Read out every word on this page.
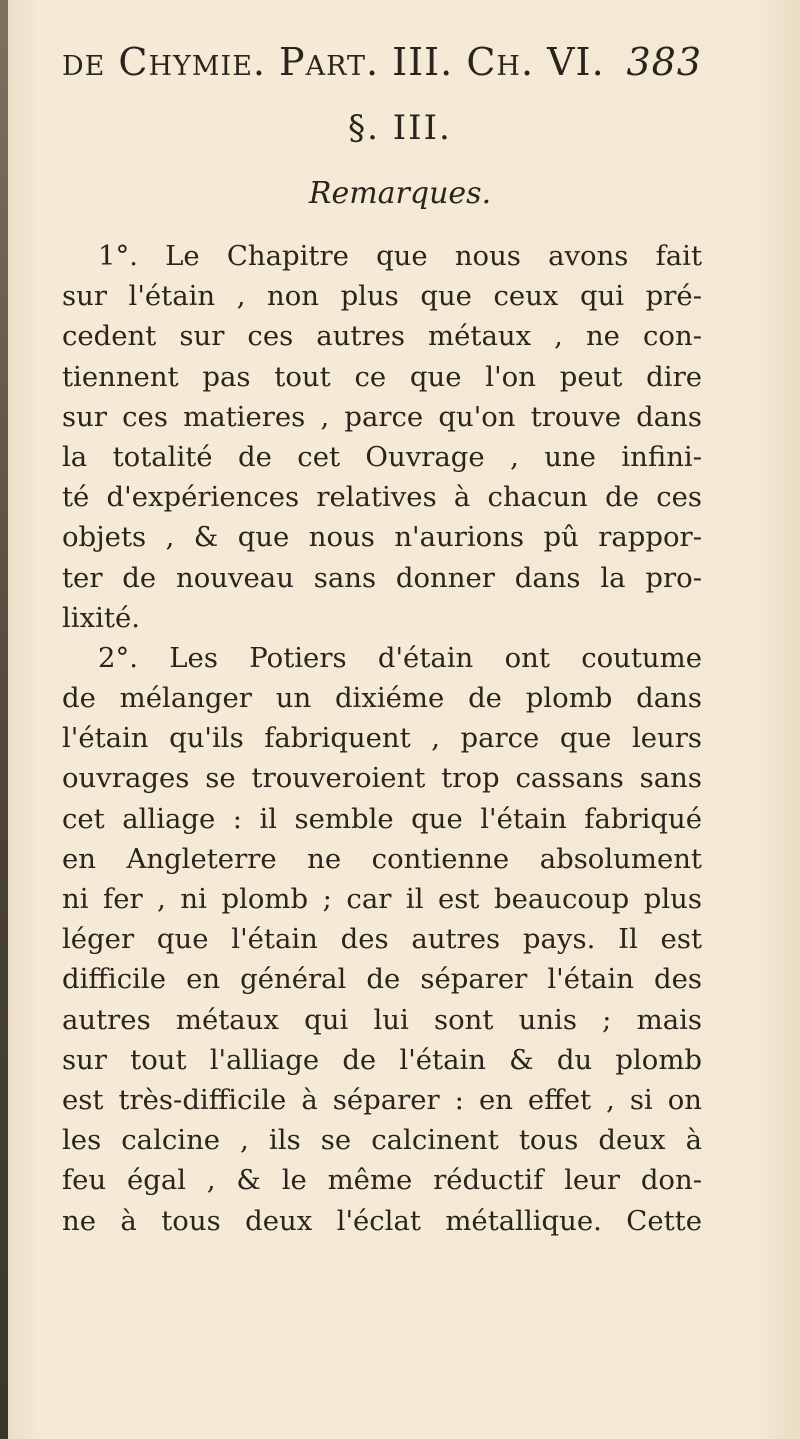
de Chymie. Part. III. Ch. VI. 383
§. III.
Remarques.
1°. Le Chapitre que nous avons fait
sur l'étain , non plus que ceux qui pré-
cedent sur ces autres métaux , ne con-
tiennent pas tout ce que l'on peut dire
sur ces matieres , parce qu'on trouve dans
la totalité de cet Ouvrage , une infini-
té d'expériences relatives à chacun de ces
objets , & que nous n'aurions pû rappor-
ter de nouveau sans donner dans la pro-
lixité.
2°. Les Potiers d'étain ont coutume
de mélanger un dixiéme de plomb dans
l'étain qu'ils fabriquent , parce que leurs
ouvrages se trouveroient trop cassans sans
cet alliage : il semble que l'étain fabriqué
en Angleterre ne contienne absolument
ni fer , ni plomb ; car il est beaucoup plus
léger que l'étain des autres pays. Il est
difficile en général de séparer l'étain des
autres métaux qui lui sont unis ; mais
sur tout l'alliage de l'étain & du plomb
est très-difficile à séparer : en effet , si on
les calcine , ils se calcinent tous deux à
feu égal , & le même réductif leur don-
ne à tous deux l'éclat métallique. Cette
